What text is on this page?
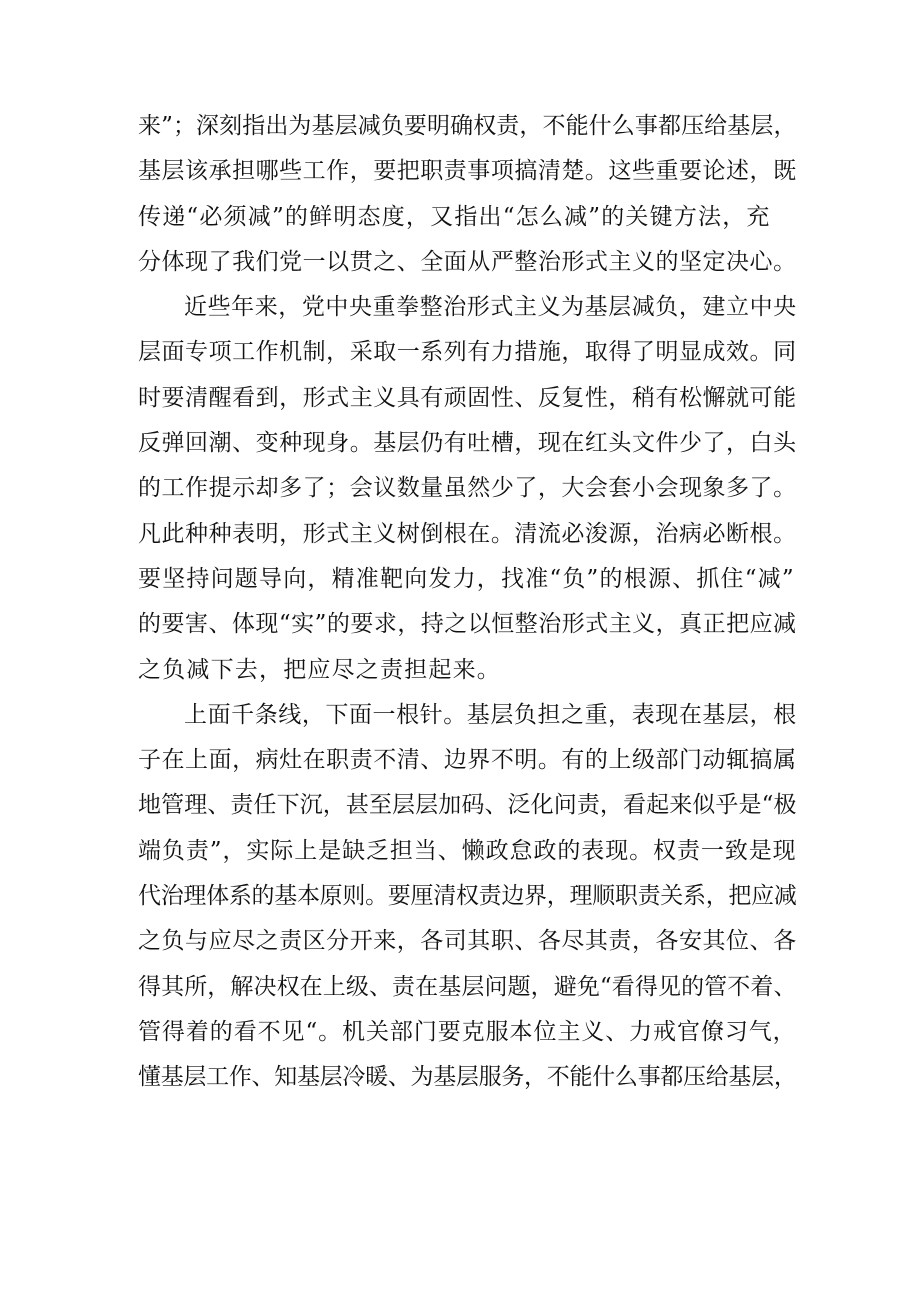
来”；深刻指出为基层减负要明确权责，不能什么事都压给基层，
基层该承担哪些工作，要把职责事项搞清楚。这些重要论述，既
传递“必须减”的鲜明态度，又指出“怎么减”的关键方法，充
分体现了我们党一以贯之、全面从严整治形式主义的坚定决心。
近些年来，党中央重拳整治形式主义为基层减负，建立中央
层面专项工作机制，采取一系列有力措施，取得了明显成效。同
时要清醒看到，形式主义具有顽固性、反复性，稍有松懈就可能
反弹回潮、变种现身。基层仍有吐槽，现在红头文件少了，白头
的工作提示却多了；会议数量虽然少了，大会套小会现象多了。
凡此种种表明，形式主义树倒根在。清流必浚源，治病必断根。
要坚持问题导向，精准靶向发力，找准“负”的根源、抓住“减”
的要害、体现“实”的要求，持之以恒整治形式主义，真正把应减
之负减下去，把应尽之责担起来。
上面千条线，下面一根针。基层负担之重，表现在基层，根
子在上面，病灶在职责不清、边界不明。有的上级部门动辄搞属
地管理、责任下沉，甚至层层加码、泛化问责，看起来似乎是“极
端负责”，实际上是缺乏担当、懒政怠政的表现。权责一致是现
代治理体系的基本原则。要厘清权责边界，理顺职责关系，把应减
之负与应尽之责区分开来，各司其职、各尽其责，各安其位、各
得其所，解决权在上级、责在基层问题，避免“看得见的管不着、
管得着的看不见“。机关部门要克服本位主义、力戒官僚习气，
懂基层工作、知基层冷暖、为基层服务，不能什么事都压给基层，
